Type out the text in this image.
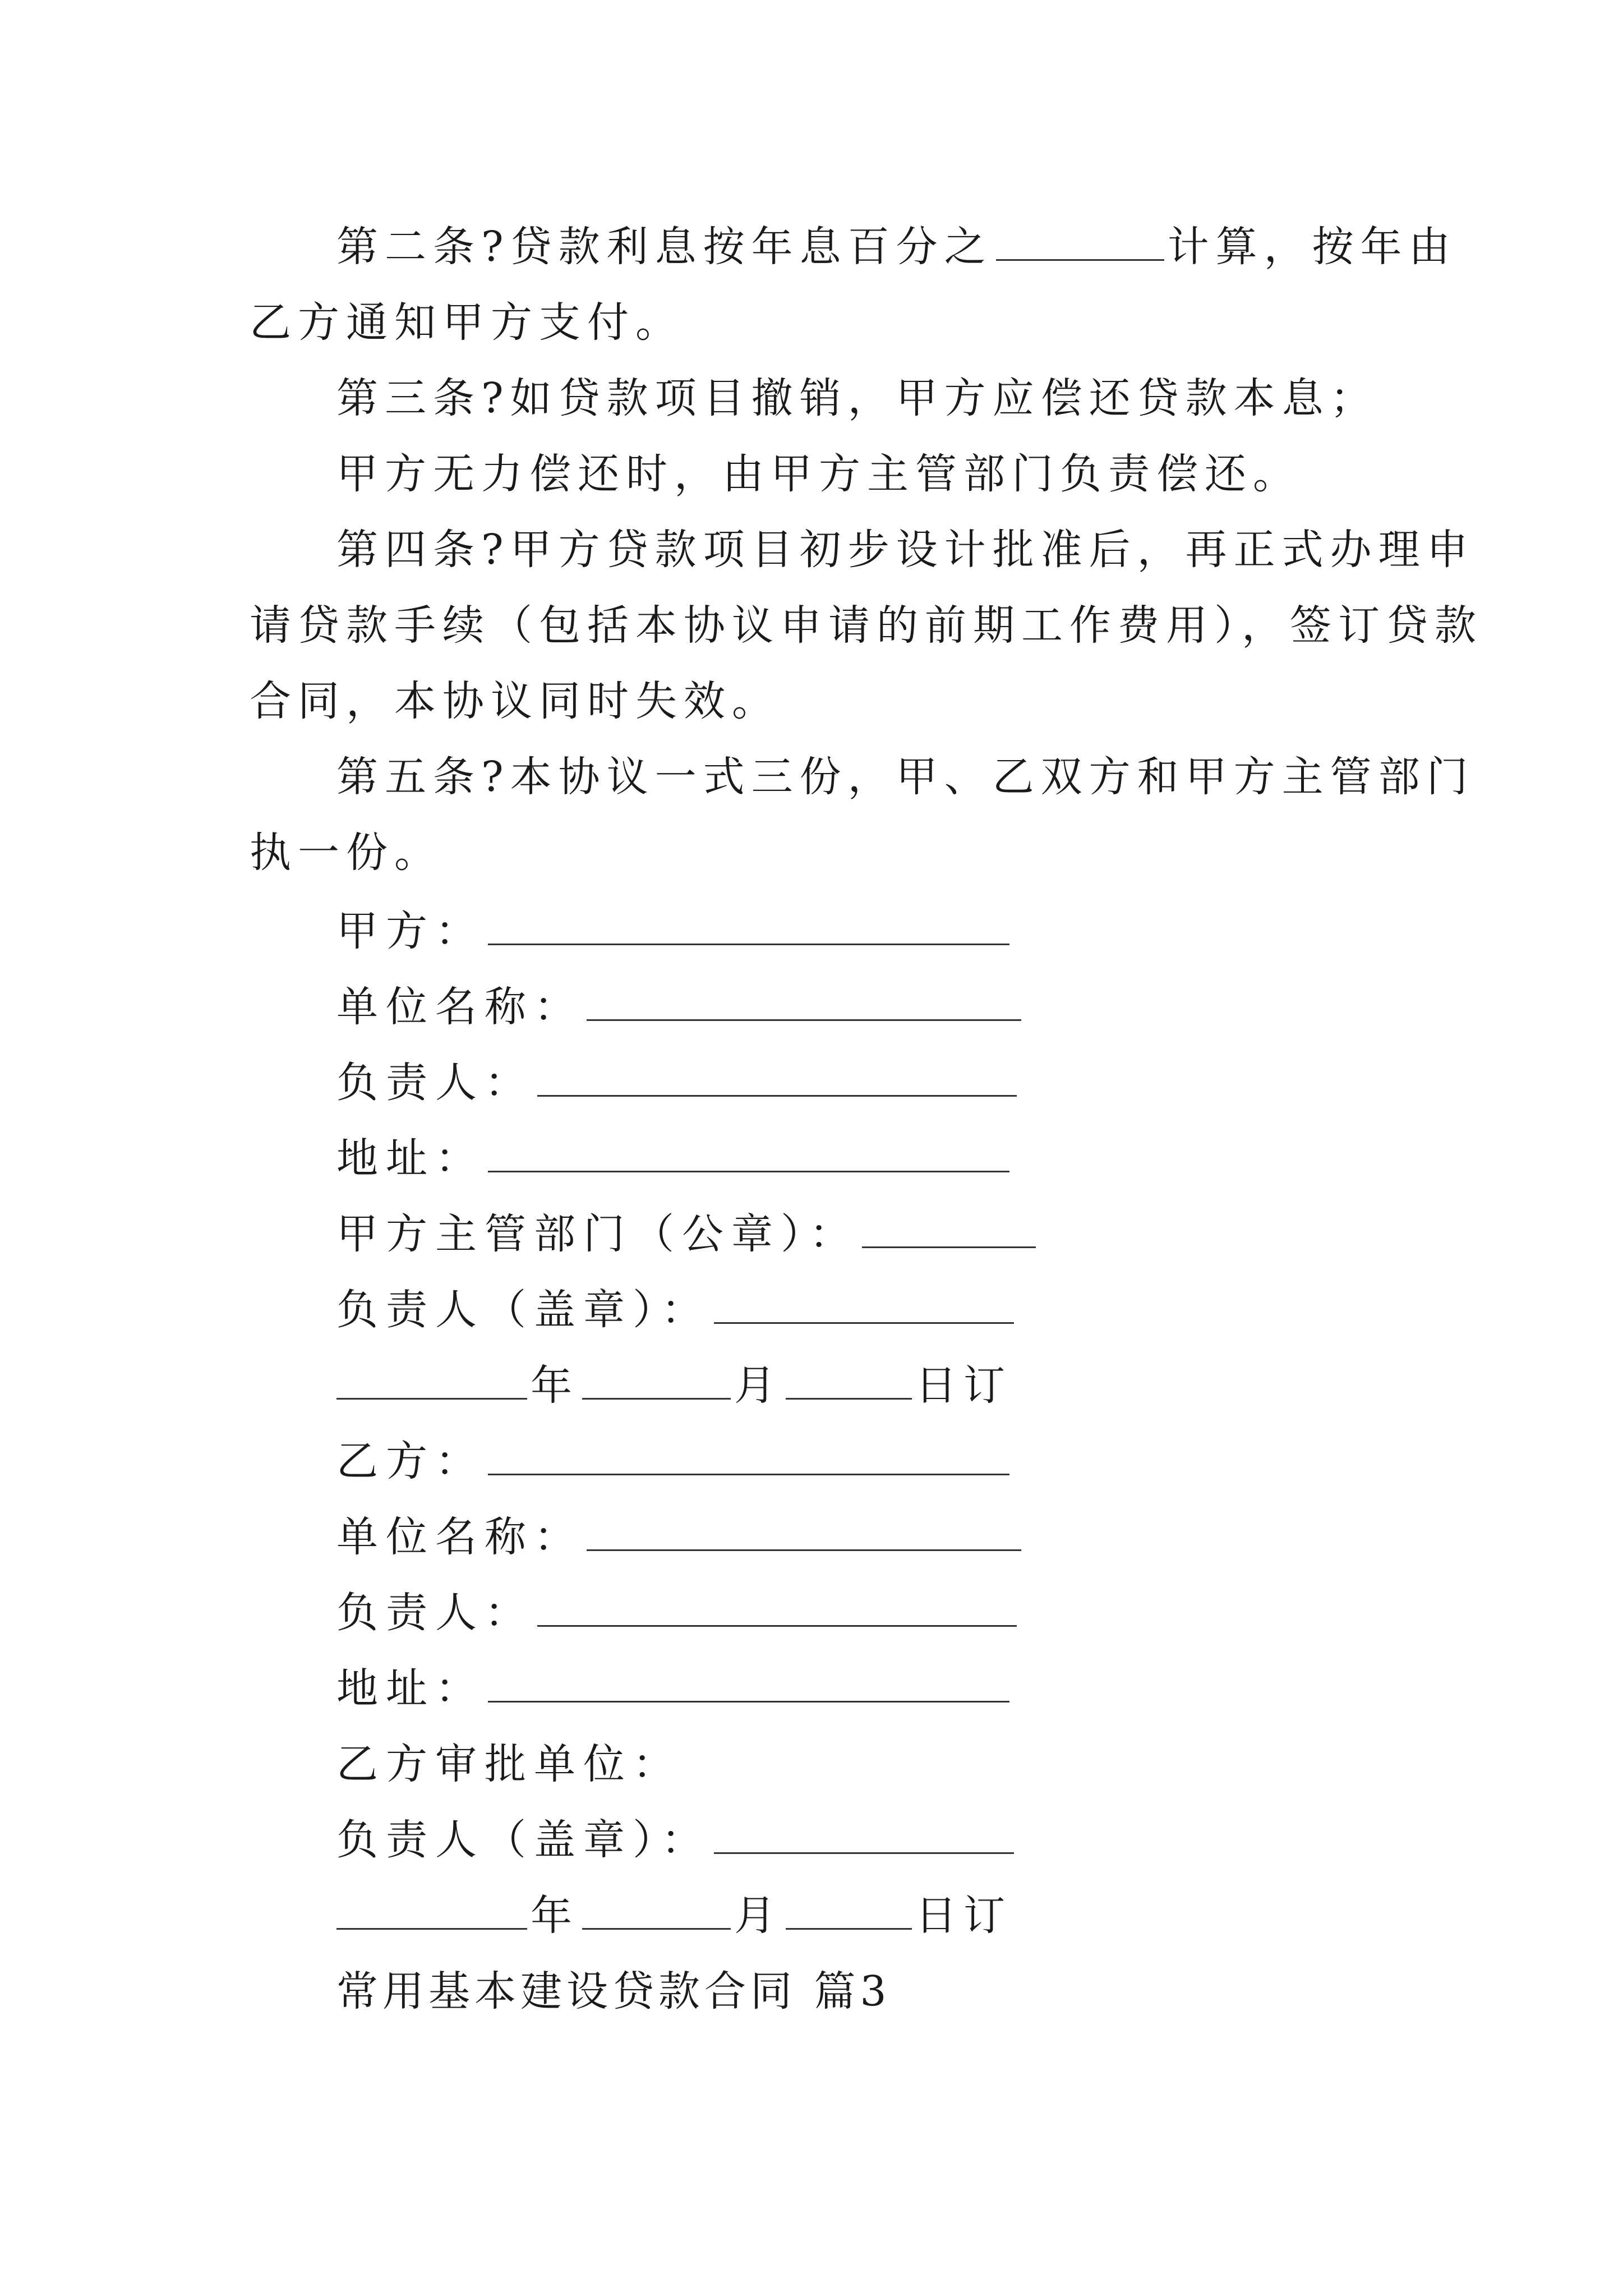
第二条?贷款利息按年息百分之	计算，按年由
乙方通知甲方支付。
第三条?如贷款项目撤销，甲方应偿还贷款本息；
甲方无力偿还时，由甲方主管部门负责偿还。
第四条?甲方贷款项目初步设计批准后，再正式办理申
请贷款手续（包括本协议申请的前期工作费用），签订贷款
合同，本协议同时失效。
第五条?本协议一式三份，甲、乙双方和甲方主管部门
执一份。
甲方：
单位名称：
负责人：
地址：
甲方主管部门（公章）：
负责人（盖章）：
年	月	日订
乙方：
单位名称：
负责人：
地址：
乙方审批单位：
负责人（盖章）：
年	月	日订
常用基本建设贷款合同 篇3
